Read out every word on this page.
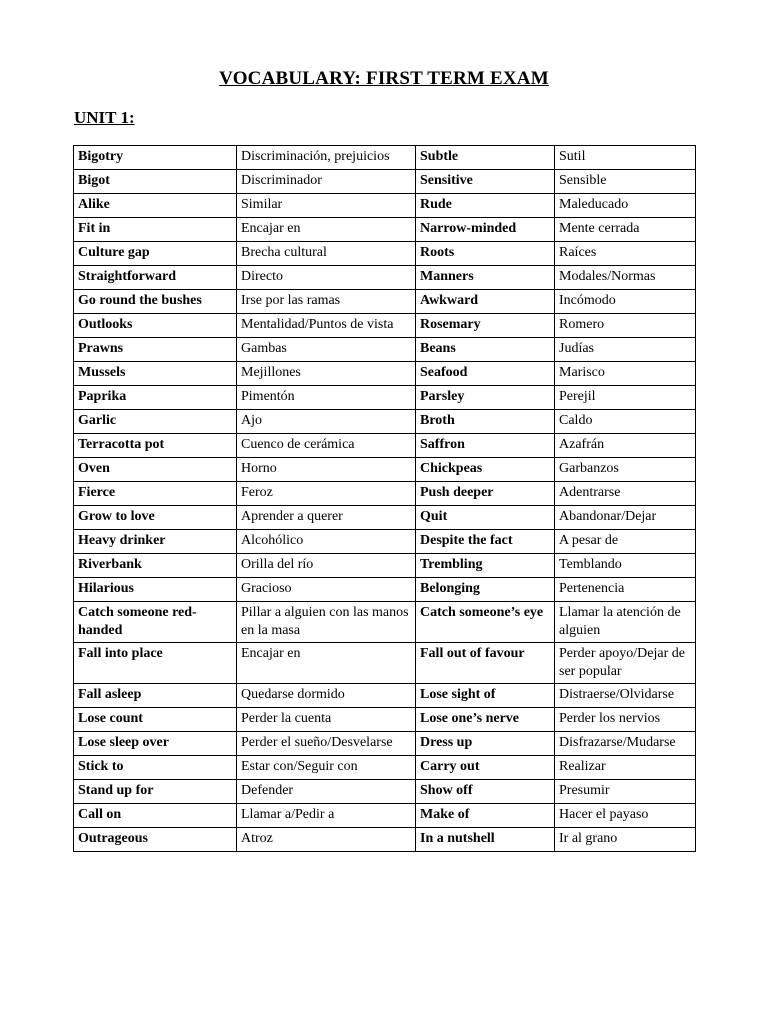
VOCABULARY: FIRST TERM EXAM
UNIT 1:
Bigotry	Discriminación, prejuicios	Subtle	Sutil
Bigot	Discriminador	Sensitive	Sensible
Alike	Similar	Rude	Maleducado
Fit in	Encajar en	Narrow-minded	Mente cerrada
Culture gap	Brecha cultural	Roots	Raíces
Straightforward	Directo	Manners	Modales/Normas
Go round the bushes	Irse por las ramas	Awkward	Incómodo
Outlooks	Mentalidad/Puntos de vista	Rosemary	Romero
Prawns	Gambas	Beans	Judías
Mussels	Mejillones	Seafood	Marisco
Paprika	Pimentón	Parsley	Perejil
Garlic	Ajo	Broth	Caldo
Terracotta pot	Cuenco de cerámica	Saffron	Azafrán
Oven	Horno	Chickpeas	Garbanzos
Fierce	Feroz	Push deeper	Adentrarse
Grow to love	Aprender a querer	Quit	Abandonar/Dejar
Heavy drinker	Alcohólico	Despite the fact	A pesar de
Riverbank	Orilla del río	Trembling	Temblando
Hilarious	Gracioso	Belonging	Pertenencia
Catch someone red-handed	Pillar a alguien con las manos en la masa	Catch someone’s eye	Llamar la atención de alguien
Fall into place	Encajar en	Fall out of favour	Perder apoyo/Dejar de ser popular
Fall asleep	Quedarse dormido	Lose sight of	Distraerse/Olvidarse
Lose count	Perder la cuenta	Lose one’s nerve	Perder los nervios
Lose sleep over	Perder el sueño/Desvelarse	Dress up	Disfrazarse/Mudarse
Stick to	Estar con/Seguir con	Carry out	Realizar
Stand up for	Defender	Show off	Presumir
Call on	Llamar a/Pedir a	Make of	Hacer el payaso
Outrageous	Atroz	In a nutshell	Ir al grano
